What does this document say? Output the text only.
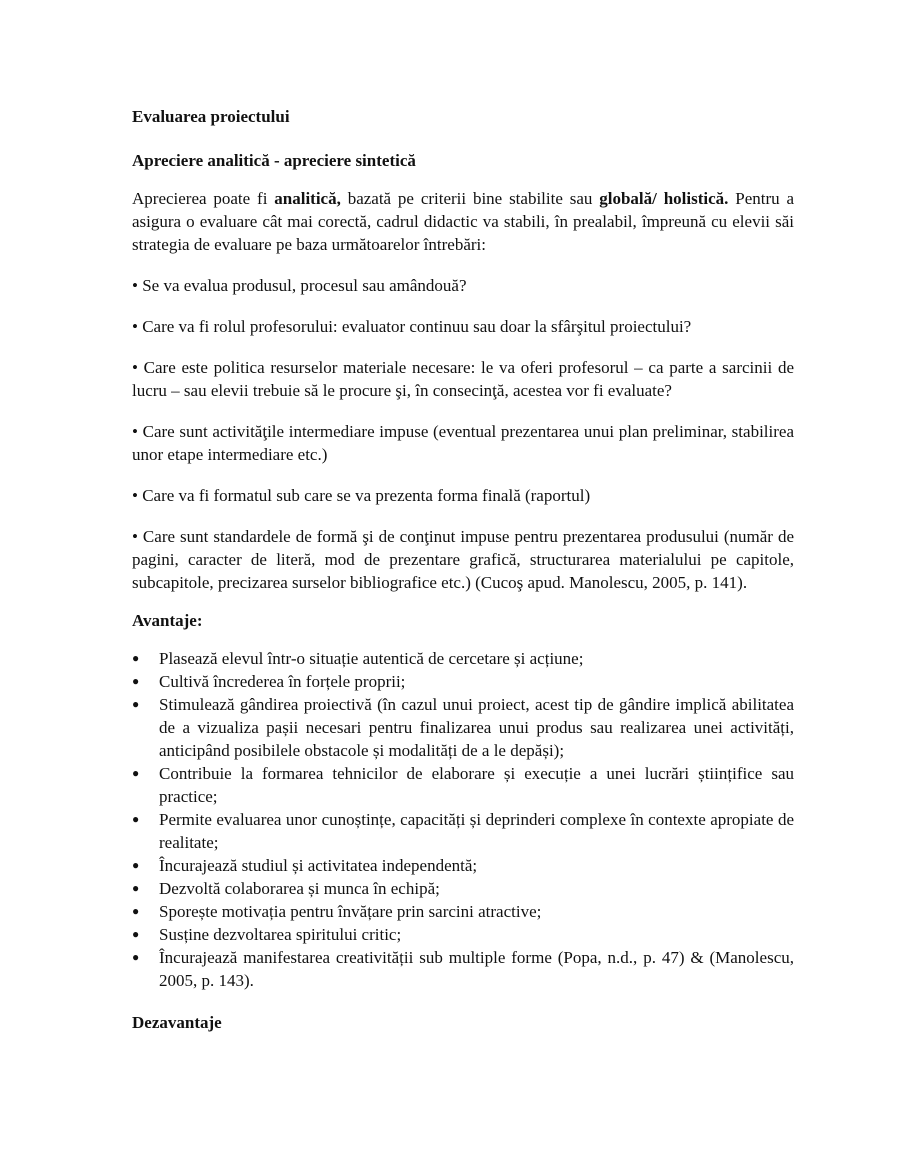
Evaluarea proiectului

Apreciere analitică - apreciere sintetică

Aprecierea poate fi analitică, bazată pe criterii bine stabilite sau globală/ holistică. Pentru a asigura o evaluare cât mai corectă, cadrul didactic va stabili, în prealabil, împreună cu elevii săi strategia de evaluare pe baza următoarelor întrebări:

• Se va evalua produsul, procesul sau amândouă?

• Care va fi rolul profesorului: evaluator continuu sau doar la sfârşitul proiectului?

• Care este politica resurselor materiale necesare: le va oferi profesorul – ca parte a sarcinii de lucru – sau elevii trebuie să le procure şi, în consecinţă, acestea vor fi evaluate?

• Care sunt activităţile intermediare impuse (eventual prezentarea unui plan preliminar, stabilirea unor etape intermediare etc.)

• Care va fi formatul sub care se va prezenta forma finală (raportul)

• Care sunt standardele de formă şi de conţinut impuse pentru prezentarea produsului (număr de pagini, caracter de literă, mod de prezentare grafică, structurarea materialului pe capitole, subcapitole, precizarea surselor bibliografice etc.) (Cucoş apud. Manolescu, 2005, p. 141).

Avantaje:

● Plasează elevul într-o situație autentică de cercetare și acțiune;
● Cultivă încrederea în forțele proprii;
● Stimulează gândirea proiectivă (în cazul unui proiect, acest tip de gândire implică abilitatea de a vizualiza pașii necesari pentru finalizarea unui produs sau realizarea unei activități, anticipând posibilele obstacole și modalități de a le depăși);
● Contribuie la formarea tehnicilor de elaborare și execuție a unei lucrări științifice sau practice;
● Permite evaluarea unor cunoștințe, capacități și deprinderi complexe în contexte apropiate de realitate;
● Încurajează studiul și activitatea independentă;
● Dezvoltă colaborarea și munca în echipă;
● Sporește motivația pentru învățare prin sarcini atractive;
● Susține dezvoltarea spiritului critic;
● Încurajează manifestarea creativității sub multiple forme (Popa, n.d., p. 47) & (Manolescu, 2005, p. 143).

Dezavantaje
